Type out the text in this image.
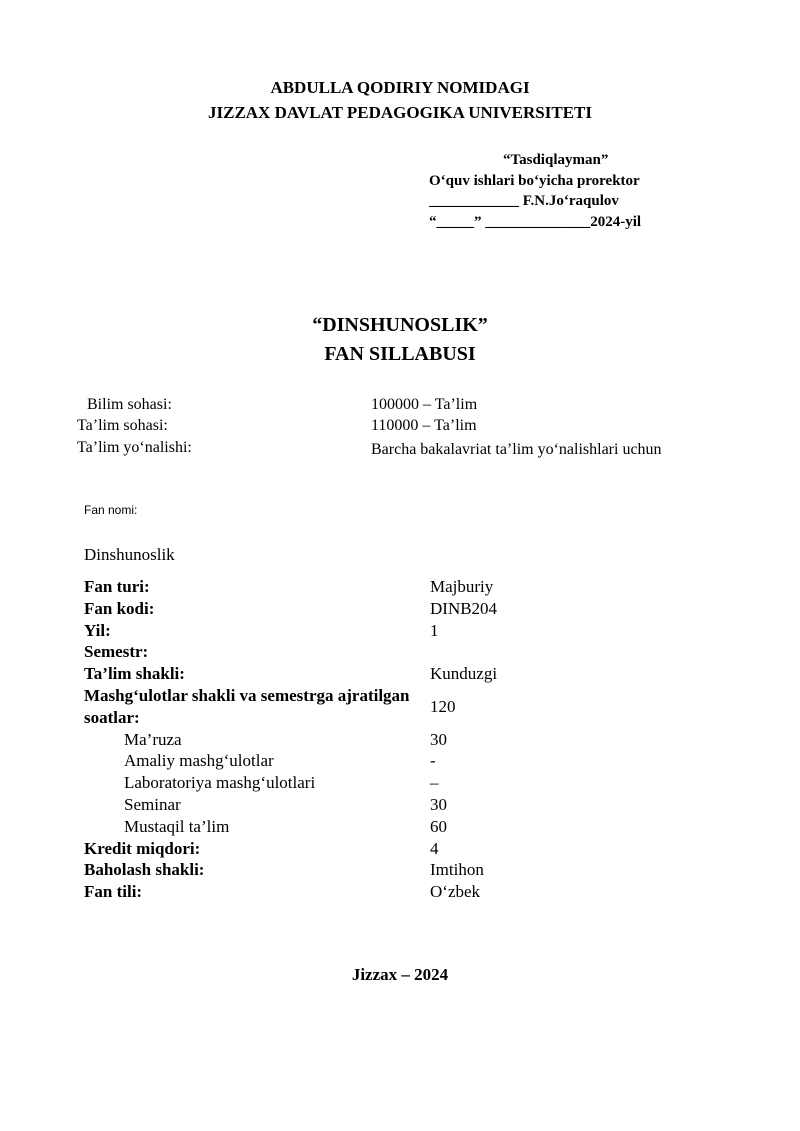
ABDULLA QODIRIY NOMIDAGI
JIZZAX DAVLAT PEDAGOGIKA UNIVERSITETI
“Tasdiqlayman”
O‘quv ishlari bo‘yicha prorektor
____________ F.N.Jo‘raqulov
“_____” ______________2024-yil
“DINSHUNOSLIK”
FAN SILLABUSI
Bilim sohasi:	100000 – Ta’lim
Ta’lim sohasi:	110000 – Ta’lim
Ta’lim yo‘nalishi:	Barcha bakalavriat ta’lim yo‘nalishlari uchun
Fan nomi:
Dinshunoslik
Fan turi:	Majburiy
Fan kodi:	DINB204
Yil:	1
Semestr:	
Ta’lim shakli:	Kunduzgi
Mashg‘ulotlar shakli va semestrga ajratilgan soatlar:	120
Ma’ruza	30
Amaliy mashg‘ulotlar	-
Laboratoriya mashg‘ulotlari	–
Seminar	30
Mustaqil ta’lim	60
Kredit miqdori:	4
Baholash shakli:	Imtihon
Fan tili:	O‘zbek
Jizzax – 2024
